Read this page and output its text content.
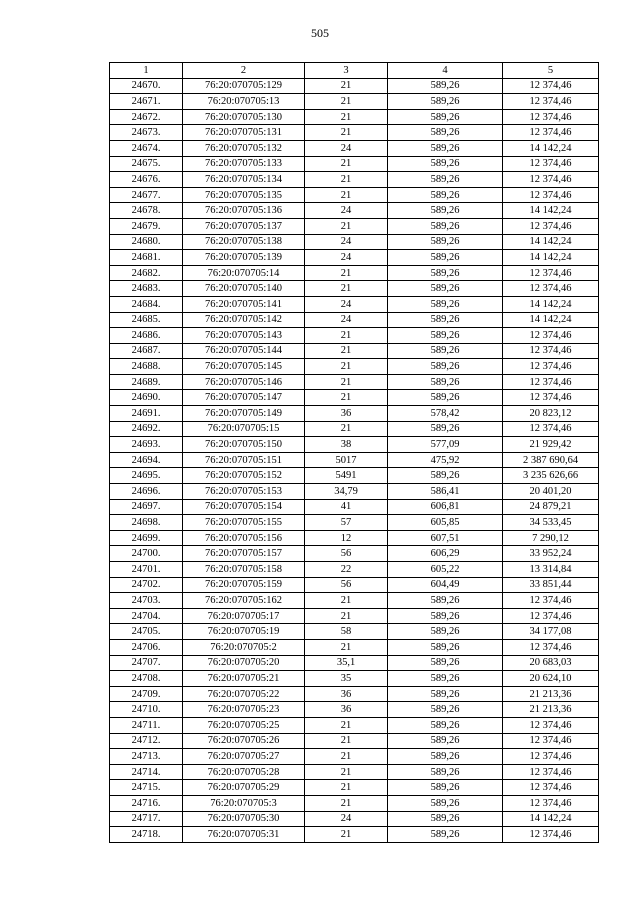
505
1	2	3	4	5
24670.	76:20:070705:129	21	589,26	12 374,46
24671.	76:20:070705:13	21	589,26	12 374,46
24672.	76:20:070705:130	21	589,26	12 374,46
24673.	76:20:070705:131	21	589,26	12 374,46
24674.	76:20:070705:132	24	589,26	14 142,24
24675.	76:20:070705:133	21	589,26	12 374,46
24676.	76:20:070705:134	21	589,26	12 374,46
24677.	76:20:070705:135	21	589,26	12 374,46
24678.	76:20:070705:136	24	589,26	14 142,24
24679.	76:20:070705:137	21	589,26	12 374,46
24680.	76:20:070705:138	24	589,26	14 142,24
24681.	76:20:070705:139	24	589,26	14 142,24
24682.	76:20:070705:14	21	589,26	12 374,46
24683.	76:20:070705:140	21	589,26	12 374,46
24684.	76:20:070705:141	24	589,26	14 142,24
24685.	76:20:070705:142	24	589,26	14 142,24
24686.	76:20:070705:143	21	589,26	12 374,46
24687.	76:20:070705:144	21	589,26	12 374,46
24688.	76:20:070705:145	21	589,26	12 374,46
24689.	76:20:070705:146	21	589,26	12 374,46
24690.	76:20:070705:147	21	589,26	12 374,46
24691.	76:20:070705:149	36	578,42	20 823,12
24692.	76:20:070705:15	21	589,26	12 374,46
24693.	76:20:070705:150	38	577,09	21 929,42
24694.	76:20:070705:151	5017	475,92	2 387 690,64
24695.	76:20:070705:152	5491	589,26	3 235 626,66
24696.	76:20:070705:153	34,79	586,41	20 401,20
24697.	76:20:070705:154	41	606,81	24 879,21
24698.	76:20:070705:155	57	605,85	34 533,45
24699.	76:20:070705:156	12	607,51	7 290,12
24700.	76:20:070705:157	56	606,29	33 952,24
24701.	76:20:070705:158	22	605,22	13 314,84
24702.	76:20:070705:159	56	604,49	33 851,44
24703.	76:20:070705:162	21	589,26	12 374,46
24704.	76:20:070705:17	21	589,26	12 374,46
24705.	76:20:070705:19	58	589,26	34 177,08
24706.	76:20:070705:2	21	589,26	12 374,46
24707.	76:20:070705:20	35,1	589,26	20 683,03
24708.	76:20:070705:21	35	589,26	20 624,10
24709.	76:20:070705:22	36	589,26	21 213,36
24710.	76:20:070705:23	36	589,26	21 213,36
24711.	76:20:070705:25	21	589,26	12 374,46
24712.	76:20:070705:26	21	589,26	12 374,46
24713.	76:20:070705:27	21	589,26	12 374,46
24714.	76:20:070705:28	21	589,26	12 374,46
24715.	76:20:070705:29	21	589,26	12 374,46
24716.	76:20:070705:3	21	589,26	12 374,46
24717.	76:20:070705:30	24	589,26	14 142,24
24718.	76:20:070705:31	21	589,26	12 374,46
